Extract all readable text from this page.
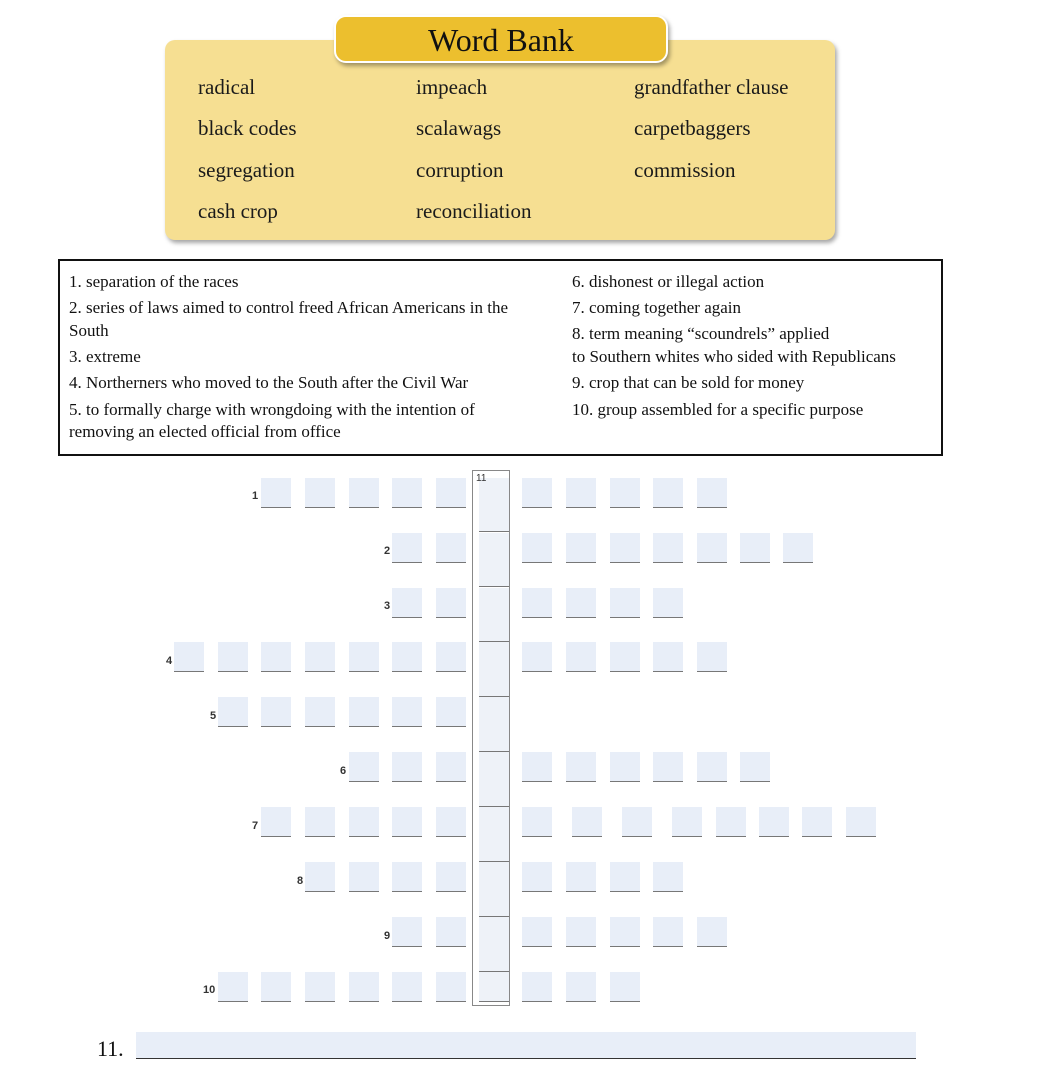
Word Bank
radical	impeach	grandfather clause
black codes	scalawags	carpetbaggers
segregation	corruption	commission
cash crop	reconciliation
1. separation of the races
2. series of laws aimed to control freed African Americans in the
South
3. extreme
4. Northerners who moved to the South after the Civil War
5. to formally charge with wrongdoing with the intention of
removing an elected official from office
6. dishonest or illegal action
7. coming together again
8. term meaning “scoundrels” applied
to Southern whites who sided with Republicans
9. crop that can be sold for money
10. group assembled for a specific purpose
1
2
3
4
5
6
7
8
9
10
11
11.
